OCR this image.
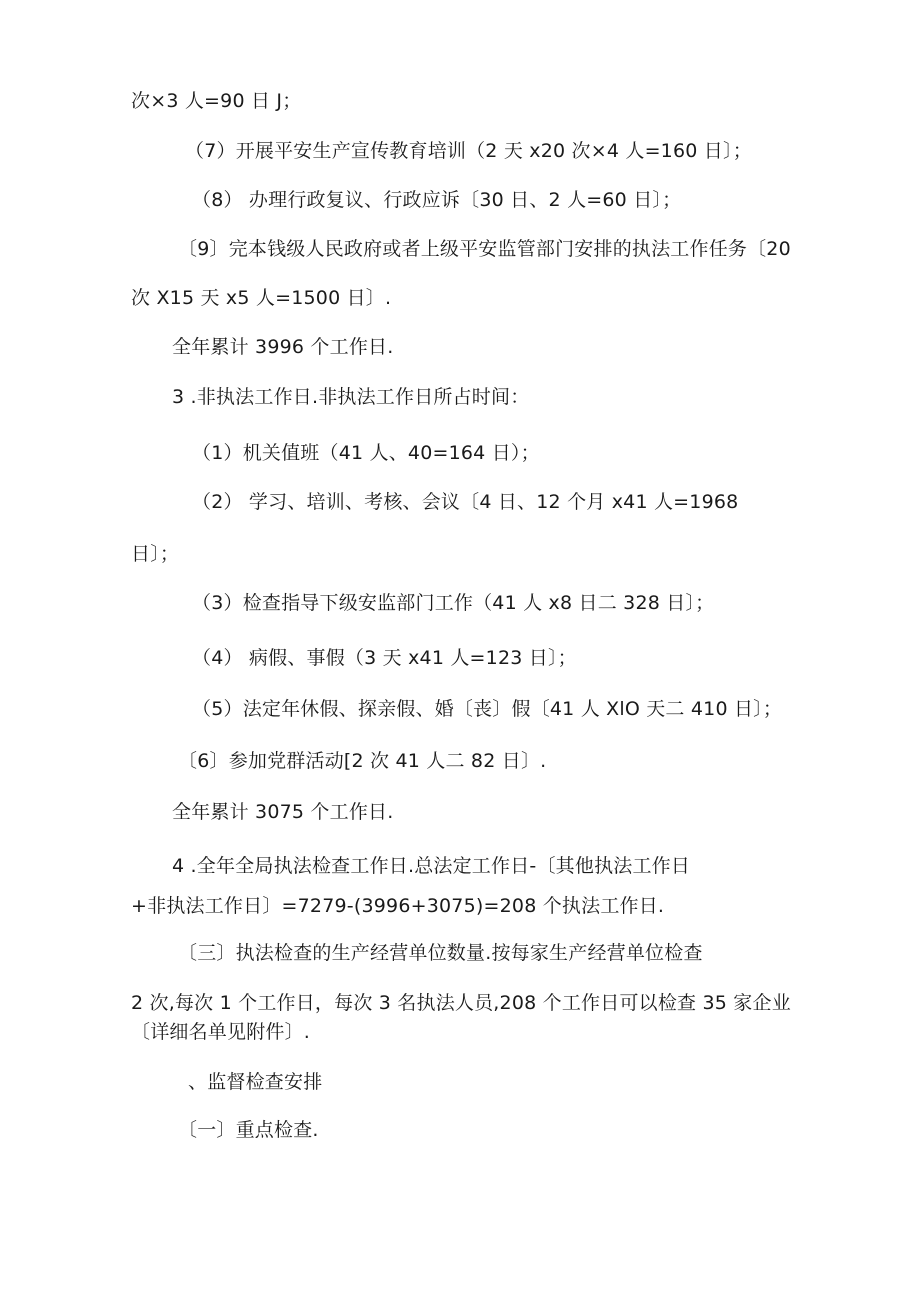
次×3 人=90 日 J；
（7）开展平安生产宣传教育培训（2 天 x20 次×4 人=160 日〕；
（8） 办理行政复议、行政应诉〔30 日、2 人=60 日〕；
〔9〕完本钱级人民政府或者上级平安监管部门安排的执法工作任务〔20
次 X15 天 x5 人=1500 日〕.
全年累计 3996 个工作日.
3 .非执法工作日.非执法工作日所占时间：
（1）机关值班（41 人、40=164 日）；
（2） 学习、培训、考核、会议〔4 日、12 个月 x41 人=1968
日〕；
（3）检查指导下级安监部门工作（41 人 x8 日二 328 日〕；
（4） 病假、事假（3 天 x41 人=123 日〕；
（5）法定年休假、探亲假、婚〔丧〕假〔41 人 XlO 天二 410 日〕；
〔6〕参加党群活动[2 次 41 人二 82 日〕.
全年累计 3075 个工作日.
4 .全年全局执法检查工作日.总法定工作日-〔其他执法工作日
+非执法工作日〕=7279-(3996+3075)=208 个执法工作日.
〔三〕执法检查的生产经营单位数量.按每家生产经营单位检查
2 次,每次 1 个工作日，每次 3 名执法人员,208 个工作日可以检查 35 家企业
〔详细名单见附件〕.
、监督检查安排
〔一〕重点检查.
